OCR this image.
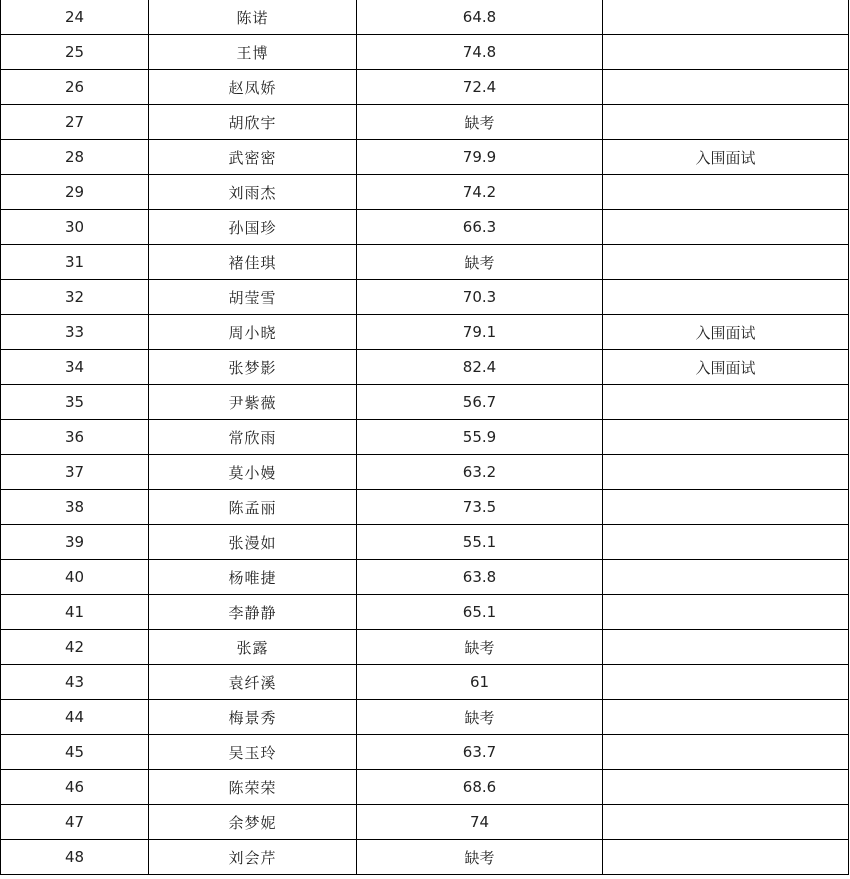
24	陈诺	64.8	
25	王博	74.8	
26	赵凤娇	72.4	
27	胡欣宇	缺考	
28	武密密	79.9	入围面试
29	刘雨杰	74.2	
30	孙国珍	66.3	
31	褚佳琪	缺考	
32	胡莹雪	70.3	
33	周小晓	79.1	入围面试
34	张梦影	82.4	入围面试
35	尹紫薇	56.7	
36	常欣雨	55.9	
37	莫小嫚	63.2	
38	陈孟丽	73.5	
39	张漫如	55.1	
40	杨唯捷	63.8	
41	李静静	65.1	
42	张露	缺考	
43	袁纤溪	61	
44	梅景秀	缺考	
45	吴玉玲	63.7	
46	陈荣荣	68.6	
47	余梦妮	74	
48	刘会芹	缺考	
